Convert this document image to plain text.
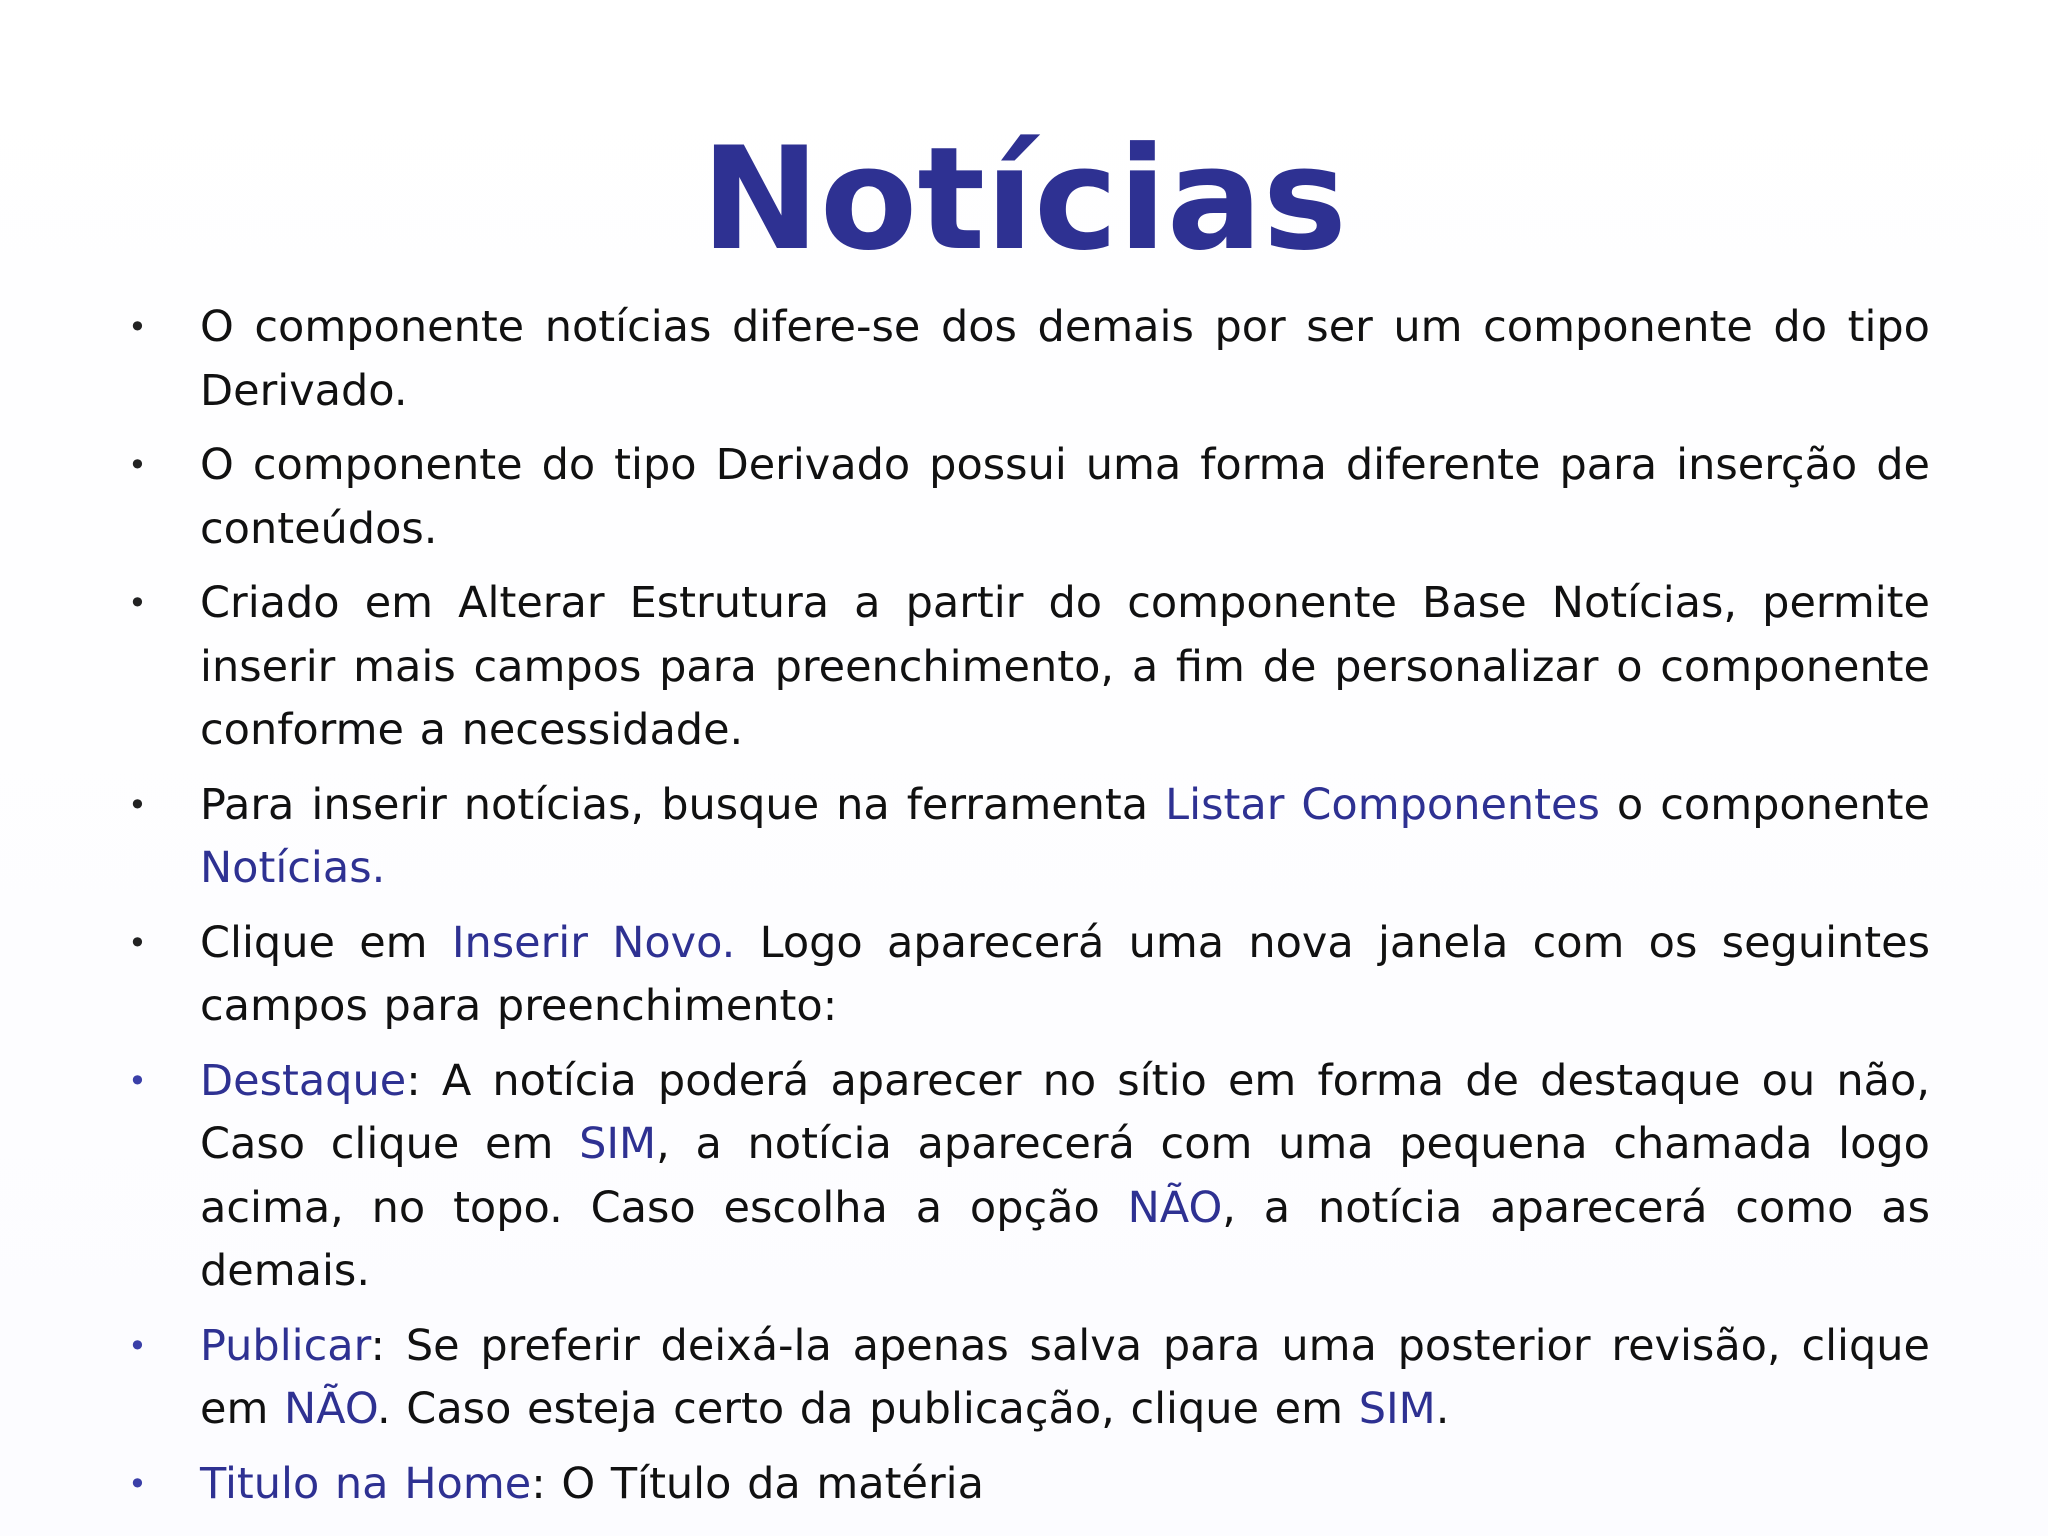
Notícias
• O componente notícias difere-se dos demais por ser um componente do tipo Derivado.
• O componente do tipo Derivado possui uma forma diferente para inserção de conteúdos.
• Criado em Alterar Estrutura a partir do componente Base Notícias, permite inserir mais campos para preenchimento, a fim de personalizar o componente conforme a necessidade.
• Para inserir notícias, busque na ferramenta Listar Componentes o componente Notícias.
• Clique em Inserir Novo. Logo aparecerá uma nova janela com os seguintes campos para preenchimento:
• Destaque: A notícia poderá aparecer no sítio em forma de destaque ou não, Caso clique em SIM, a notícia aparecerá com uma pequena chamada logo acima, no topo. Caso escolha a opção NÃO, a notícia aparecerá como as demais.
• Publicar: Se preferir deixá-la apenas salva para uma posterior revisão, clique em NÃO. Caso esteja certo da publicação, clique em SIM.
• Titulo na Home: O Título da matéria
